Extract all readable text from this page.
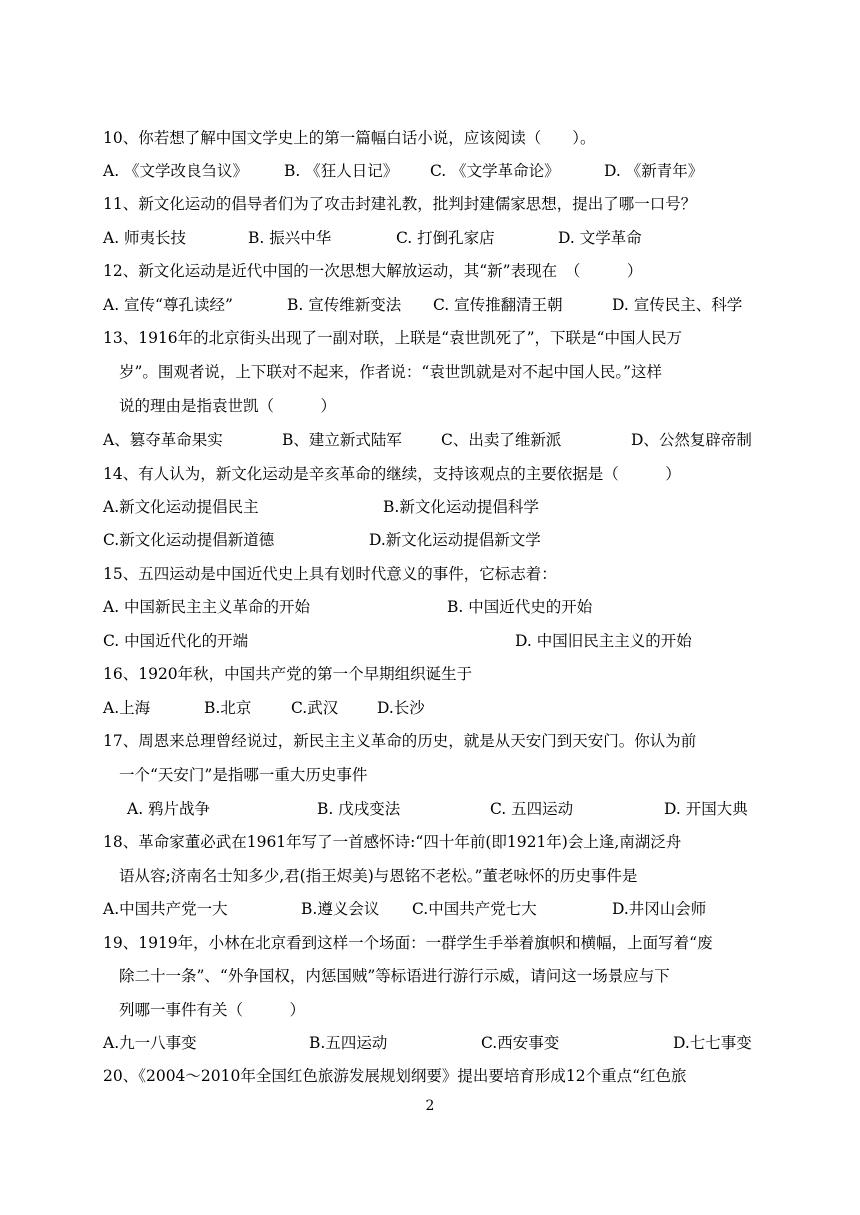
10、你若想了解中国文学史上的第一篇幅白话小说，应该阅读（　　）。
A. 《文学改良刍议》 B. 《狂人日记》 C. 《文学革命论》	D. 《新青年》
11、新文化运动的倡导者们为了攻击封建礼教，批判封建儒家思想，提出了哪一口号？
A. 师夷长技	B. 振兴中华	C. 打倒孔家店	D. 文学革命
12、新文化运动是近代中国的一次思想大解放运动，其“新”表现在　（　　　）
A. 宣传“尊孔读经”	B. 宣传维新变法 C. 宣传推翻清王朝	D. 宣传民主、科学
13、1916年的北京街头出现了一副对联，上联是“袁世凯死了”，下联是“中国人民万
岁”。围观者说，上下联对不起来，作者说：“袁世凯就是对不起中国人民。”这样
说的理由是指袁世凯（　　　）
A、篡夺革命果实	B、建立新式陆军	C、出卖了维新派	D、公然复辟帝制
14、有人认为，新文化运动是辛亥革命的继续，支持该观点的主要依据是（　　　）
A.新文化运动提倡民主	B.新文化运动提倡科学
C.新文化运动提倡新道德	D.新文化运动提倡新文学
15、五四运动是中国近代史上具有划时代意义的事件，它标志着：
A. 中国新民主主义革命的开始	B. 中国近代史的开始
C. 中国近代化的开端	D. 中国旧民主主义的开始
16、1920年秋，中国共产党的第一个早期组织诞生于
A.上海	B.北京	C.武汉	D.长沙
17、周恩来总理曾经说过，新民主主义革命的历史，就是从天安门到天安门。你认为前
一个“天安门”是指哪一重大历史事件
A. 鸦片战争	B. 戊戌变法	C. 五四运动	D. 开国大典
18、革命家董必武在1961年写了一首感怀诗:“四十年前(即1921年)会上逢,南湖泛舟
语从容;济南名士知多少,君(指王烬美)与恩铭不老松。”董老咏怀的历史事件是
A.中国共产党一大	B.遵义会议 C.中国共产党七大	D.井冈山会师
19、1919年，小林在北京看到这样一个场面：一群学生手举着旗帜和横幅，上面写着“废
除二十一条”、“外争国权，内惩国贼”等标语进行游行示威，请问这一场景应与下
列哪一事件有关（　　　）
A.九一八事变	B.五四运动	C.西安事变	D.七七事变
20、《2004～2010年全国红色旅游发展规划纲要》提出要培育形成12个重点“红色旅
2
